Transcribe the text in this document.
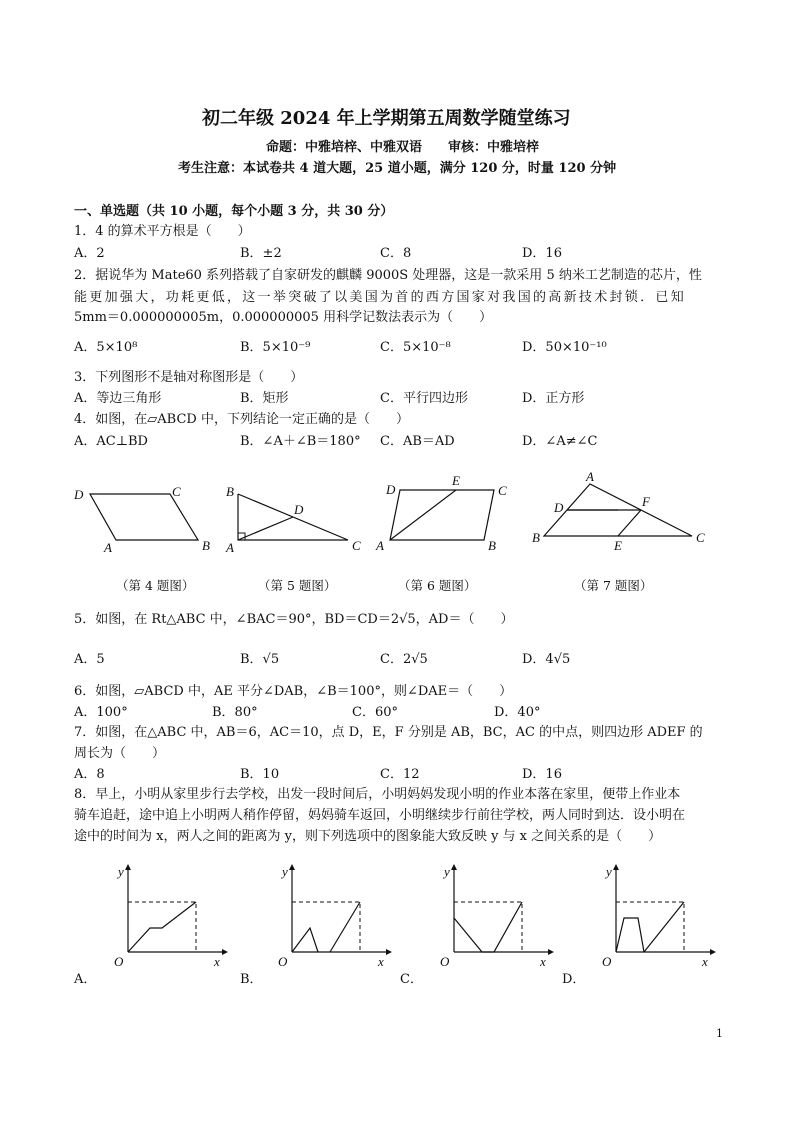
初二年级 2024 年上学期第五周数学随堂练习
命题：中雅培梓、中雅双语　　审核：中雅培梓
考生注意：本试卷共 4 道大题，25 道小题，满分 120 分，时量 120 分钟
一、单选题（共 10 小题，每个小题 3 分，共 30 分）
1．4 的算术平方根是（　　）
A．2	B．±2	C．8	D．16
2．据说华为 Mate60 系列搭载了自家研发的麒麟 9000S 处理器，这是一款采用 5 纳米工艺制造的芯片，性
能更加强大，功耗更低，这一举突破了以美国为首的西方国家对我国的高新技术封锁．已知
5mm＝0.000000005m，0.000000005 用科学记数法表示为（　　）
A．5×10⁸	B．5×10⁻⁹	C．5×10⁻⁸	D．50×10⁻¹⁰
3．下列图形不是轴对称图形是（　　）
A．等边三角形	B．矩形	C．平行四边形	D．正方形
4．如图，在▱ABCD 中，下列结论一定正确的是（　　）
A．AC⊥BD	B．∠A＋∠B＝180° C．AB＝AD	D．∠A≠∠C
D	C
A	B
（第 4 题图）
B
D
A	C
（第 5 题图）
D
E
C
A	B
（第 6 题图）
A
D	F
B
E
C
（第 7 题图）
5．如图，在 Rt△ABC 中，∠BAC＝90°，BD＝CD＝2√5，AD＝（　　）
A．5	B．√5	C．2√5	D．4√5
6．如图，▱ABCD 中，AE 平分∠DAB，∠B＝100°，则∠DAE＝（　　）
A．100°	B．80°	C．60°	D．40°
7．如图，在△ABC 中，AB＝6，AC＝10，点 D，E，F 分别是 AB，BC，AC 的中点，则四边形 ADEF 的
周长为（　　）
A．8	B．10	C．12	D．16
8．早上，小明从家里步行去学校，出发一段时间后，小明妈妈发现小明的作业本落在家里，便带上作业本
骑车追赶，途中追上小明两人稍作停留，妈妈骑车返回，小明继续步行前往学校，两人同时到达．设小明在
途中的时间为 x，两人之间的距离为 y，则下列选项中的图象能大致反映 y 与 x 之间关系的是（　　）
y
x
O
A．
y
x
O
B．
y
x
O
C．
y
x
O
D．
1
